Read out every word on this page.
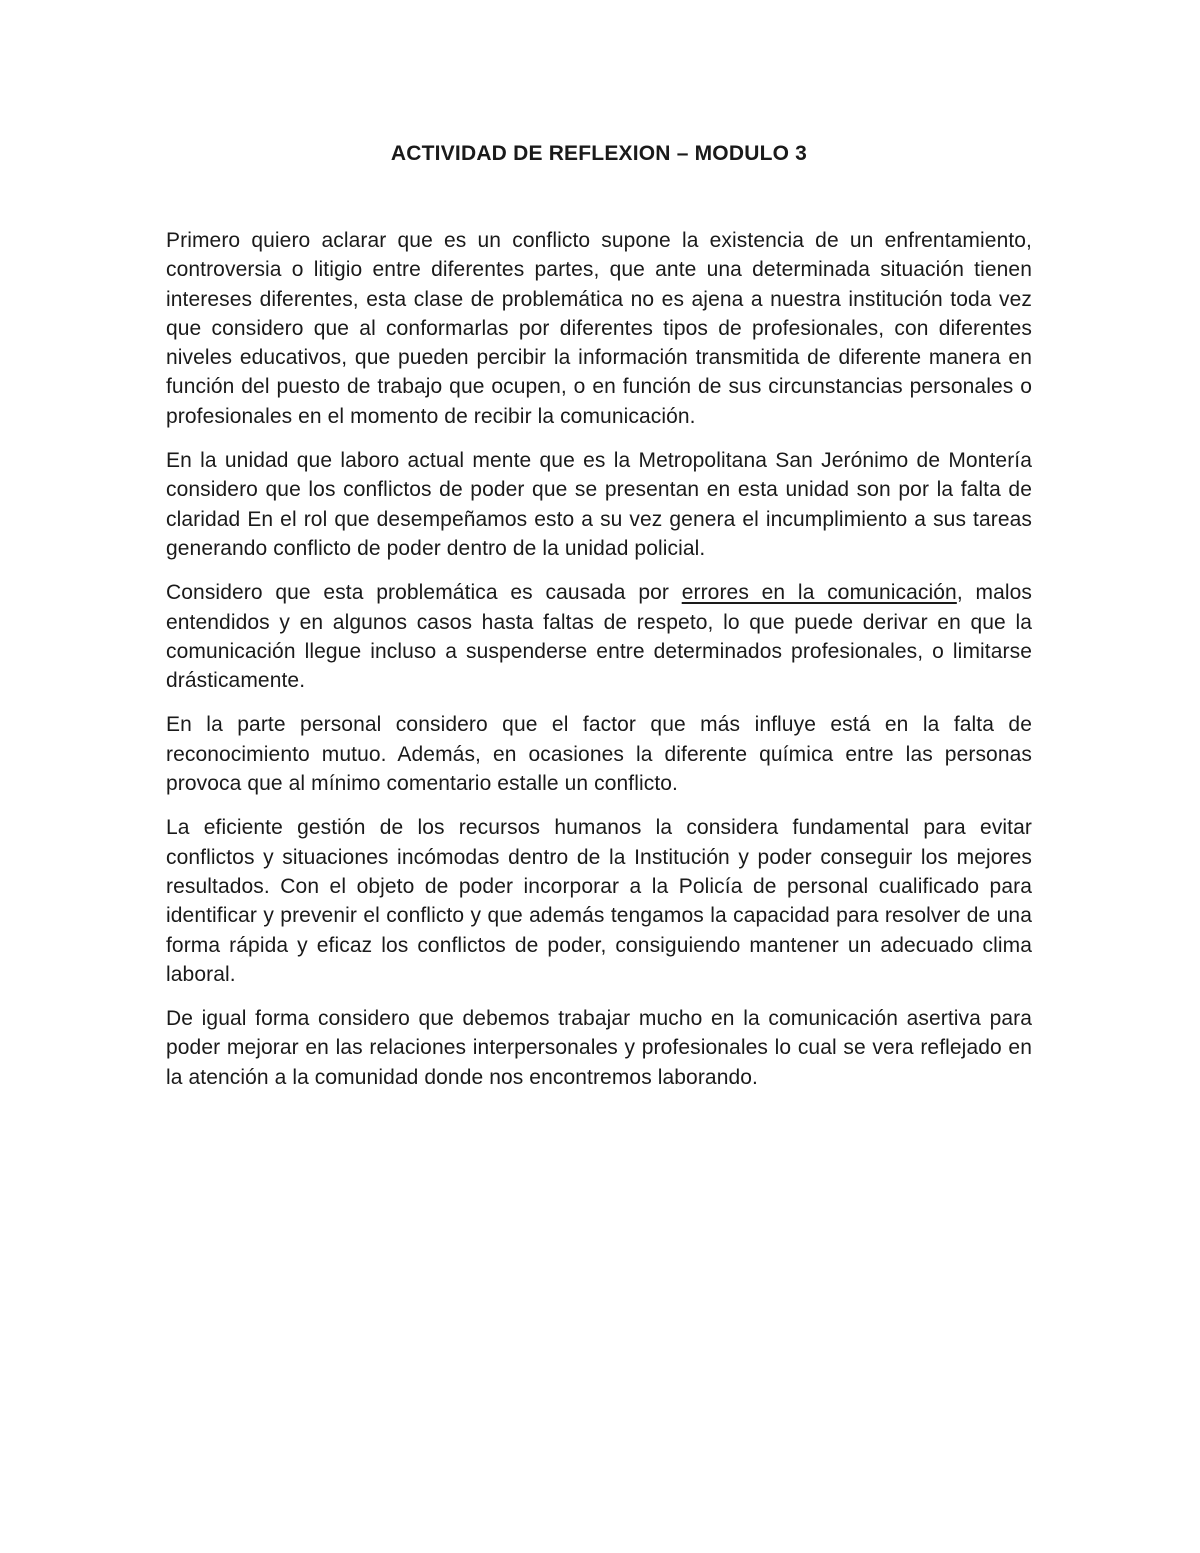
ACTIVIDAD DE REFLEXION – MODULO 3

Primero quiero aclarar que es un conflicto supone la existencia de un enfrentamiento, controversia o litigio entre diferentes partes, que ante una determinada situación tienen intereses diferentes, esta clase de problemática no es ajena a nuestra institución toda vez que considero que al conformarlas por diferentes tipos de profesionales, con diferentes niveles educativos, que pueden percibir la información transmitida de diferente manera en función del puesto de trabajo que ocupen, o en función de sus circunstancias personales o profesionales en el momento de recibir la comunicación.

En la unidad que laboro actual mente que es la Metropolitana San Jerónimo de Montería considero que los conflictos de poder que se presentan en esta unidad son por la falta de claridad En el rol que desempeñamos esto a su vez genera el incumplimiento a sus tareas generando conflicto de poder dentro de la unidad policial.

Considero que esta problemática es causada por errores en la comunicación, malos entendidos y en algunos casos hasta faltas de respeto, lo que puede derivar en que la comunicación llegue incluso a suspenderse entre determinados profesionales, o limitarse drásticamente.

En la parte personal considero que el factor que más influye está en la falta de reconocimiento mutuo. Además, en ocasiones la diferente química entre las personas provoca que al mínimo comentario estalle un conflicto.

La eficiente gestión de los recursos humanos la considera fundamental para evitar conflictos y situaciones incómodas dentro de la Institución y poder conseguir los mejores resultados. Con el objeto de poder incorporar a la Policía de personal cualificado para identificar y prevenir el conflicto y que además tengamos la capacidad para resolver de una forma rápida y eficaz los conflictos de poder, consiguiendo mantener un adecuado clima laboral.

De igual forma considero que debemos trabajar mucho en la comunicación asertiva para poder mejorar en las relaciones interpersonales y profesionales lo cual se vera reflejado en la atención a la comunidad donde nos encontremos laborando.
